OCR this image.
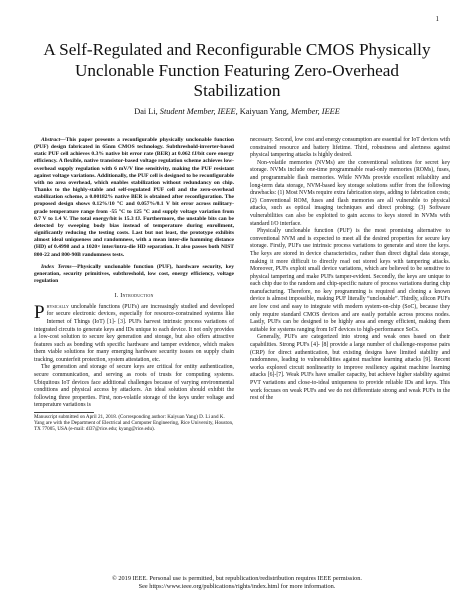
1
A Self-Regulated and Reconfigurable CMOS Physically Unclonable Function Featuring Zero-Overhead Stabilization
Dai Li, Student Member, IEEE, Kaiyuan Yang, Member, IEEE

Abstract—This paper presents a reconfigurable physically unclonable function (PUF) design fabricated in 65nm CMOS technology. Subthreshold-inverter-based static PUF cell achieves 0.3% native bit error rate (BER) at 0.062 fJ/bit core energy efficiency. A flexible, native transistor-based voltage regulation scheme achieves low-overhead supply regulation with 6 mV/V line sensitivity, making the PUF resistant against voltage variations. Additionally, the PUF cell is designed to be reconfigurable with no area overhead, which enables stabilization without redundancy on chip. Thanks to the highly-stable and self-regulated PUF cell and the zero-overhead stabilization scheme, a 0.00182% native BER is obtained after reconfiguration. The proposed design shows 0.12%/10 °C and 0.057%/0.1 V bit error across military-grade temperature range from -55 °C to 125 °C and supply voltage variation from 0.7 V to 1.4 V. The total energy/bit is 15.3 fJ. Furthermore, the unstable bits can be detected by sweeping body bias instead of temperature during enrollment, significantly reducing the testing costs. Last but not least, the prototype exhibits almost ideal uniqueness and randomness, with a mean inter-die hamming distance (HD) of 0.4998 and a 1020× inter/intra-die HD separation. It also passes both NIST 800-22 and 800-90B randomness tests.

Index Terms—Physically unclonable function (PUF), hardware security, key generation, security primitives, subthreshold, low cost, energy efficiency, voltage regulation

I. Introduction

Physically unclonable functions (PUFs) are increasingly studied and developed for secure electronic devices, especially for resource-constrained systems like Internet of Things (IoT) [1]- [3]. PUFs harvest intrinsic process variations of integrated circuits to generate keys and IDs unique to each device. It not only provides a low-cost solution to secure key generation and storage, but also offers attractive features such as bonding with specific hardware and tamper evidence, which makes them viable solutions for many emerging hardware security issues on supply chain tracking, counterfeit protection, system attestation, etc.

The generation and storage of secure keys are critical for entity authentication, secure communication, and serving as roots of trusts for computing systems. Ubiquitous IoT devices face additional challenges because of varying environmental conditions and physical access by attackers. An ideal solution should exhibit the following three properties. First, non-volatile storage of the keys under voltage and temperature variations is

Manuscript submitted on April 21, 2018. (Corresponding author: Kaiyuan Yang) D. Li and K. Yang are with the Department of Electrical and Computer Engineering, Rice University, Houston, TX 77005, USA (e-mail: dl37@rice.edu; kyang@rice.edu).

necessary. Second, low cost and energy consumption are essential for IoT devices with constrained resource and battery lifetime. Third, robustness and alertness against physical tampering attacks is highly desired.

Non-volatile memories (NVMs) are the conventional solutions for secret key storage. NVMs include one-time programmable read-only memories (ROMs), fuses, and programmable flash memories. While NVMs provide excellent reliability and long-term data storage, NVM-based key storage solutions suffer from the following drawbacks: (1) Most NVMs require extra fabrication steps, adding to fabrication costs; (2) Conventional ROM, fuses and flash memories are all vulnerable to physical attacks, such as optical imaging techniques and direct probing; (3) Software vulnerabilities can also be exploited to gain access to keys stored in NVMs with standard I/O interface.

Physically unclonable function (PUF) is the most promising alternative to conventional NVM and is expected to meet all the desired properties for secure key storage. Firstly, PUFs use intrinsic process variations to generate and store the keys. The keys are stored in device characteristics, rather than direct digital data storage, making it more difficult to directly read out stored keys with tampering attacks. Moreover, PUFs exploit small device variations, which are believed to be sensitive to physical tampering and make PUFs tamper-evident. Secondly, the keys are unique to each chip due to the random and chip-specific nature of process variations during chip manufacturing. Therefore, no key programming is required and cloning a known device is almost impossible, making PUF literally “unclonable”. Thirdly, silicon PUFs are low cost and easy to integrate with modern system-on-chip (SoC), because they only require standard CMOS devices and are easily portable across process nodes. Lastly, PUFs can be designed to be highly area and energy efficient, making them suitable for systems ranging from IoT devices to high-performance SoCs.

Generally, PUFs are categorized into strong and weak ones based on their capabilities. Strong PUFs [4]- [8] provide a large number of challenge-response pairs (CRP) for direct authentication, but existing designs have limited stability and randomness, leading to vulnerabilities against machine learning attacks [9]. Recent works explored circuit nonlinearity to improve resiliency against machine learning attacks [6]-[7]. Weak PUFs have smaller capacity, but achieve higher stability against PVT variations and close-to-ideal uniqueness to provide reliable IDs and keys. This work focuses on weak PUFs and we do not differentiate strong and weak PUFs in the rest of the

© 2019 IEEE. Personal use is permitted, but republication/redistribution requires IEEE permission.
See https://www.ieee.org/publications/rights/index.html for more information.
